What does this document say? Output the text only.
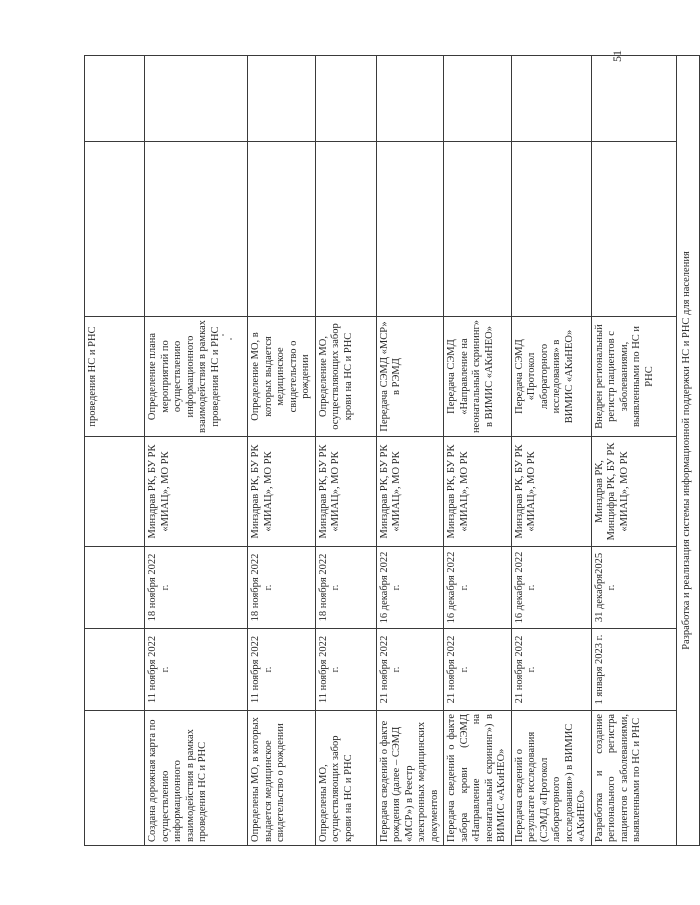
51
				проведения НС и РНС		
Создана дорожная карта по осуществлению информационного взаимодействия в рамках проведения НС и РНС	11 ноября 2022 г.	18 ноября 2022 г.	Минздрав РК, БУ РК «МИАЦ», МО РК	Определение плана мероприятий по осуществлению информационного взаимодействия в рамках проведения НС и РНС		
Определены МО, в которых выдается медицинское свидетельство о рождении	11 ноября 2022 г.	18 ноября 2022 г.	Минздрав РК, БУ РК «МИАЦ», МО РК	Определение МО, в которых выдается медицинское свидетельство о рождении		
Определены МО, осуществляющих забор крови на НС и РНС	11 ноября 2022 г.	18 ноября 2022 г.	Минздрав РК, БУ РК «МИАЦ», МО РК	Определение МО, осуществляющих забор крови на НС и РНС		
Передача сведений о факте рождения (далее – СЭМД «МСР») в Реестр электронных медицинских документов	21 ноября 2022 г.	16 декабря 2022 г.	Минздрав РК, БУ РК «МИАЦ», МО РК	Передача СЭМД «МСР» в РЭМД		
Передача сведений о факте забора крови (СЭМД «Направление на неонатальный скрининг») в ВИМИС «АКиНЕО»	21 ноября 2022 г.	16 декабря 2022 г.	Минздрав РК, БУ РК «МИАЦ», МО РК	Передача СЭМД «Направление на неонатальный скрининг» в ВИМИС «АКиНЕО»		
Передача сведений о результате исследования (СЭМД «Протокол лабораторного исследования») в ВИМИС «АКиНЕО»	21 ноября 2022 г.	16 декабря 2022 г.	Минздрав РК, БУ РК «МИАЦ», МО РК	Передача СЭМД «Протокол лабораторного исследования» в ВИМИС «АКиНЕО»		
Разработка и создание регионального регистра пациентов с заболеваниями, выявленными по НС и РНС	1 января 2023 г.	31 декабря2025 г.	Минздрав РК, Минцифра РК, БУ РК «МИАЦ», МО РК	Внедрен региональный регистр пациентов с заболеваниями, выявленными по НС и РНС		
Разработка и реализация системы информационной поддержки НС и РНС для населения						
